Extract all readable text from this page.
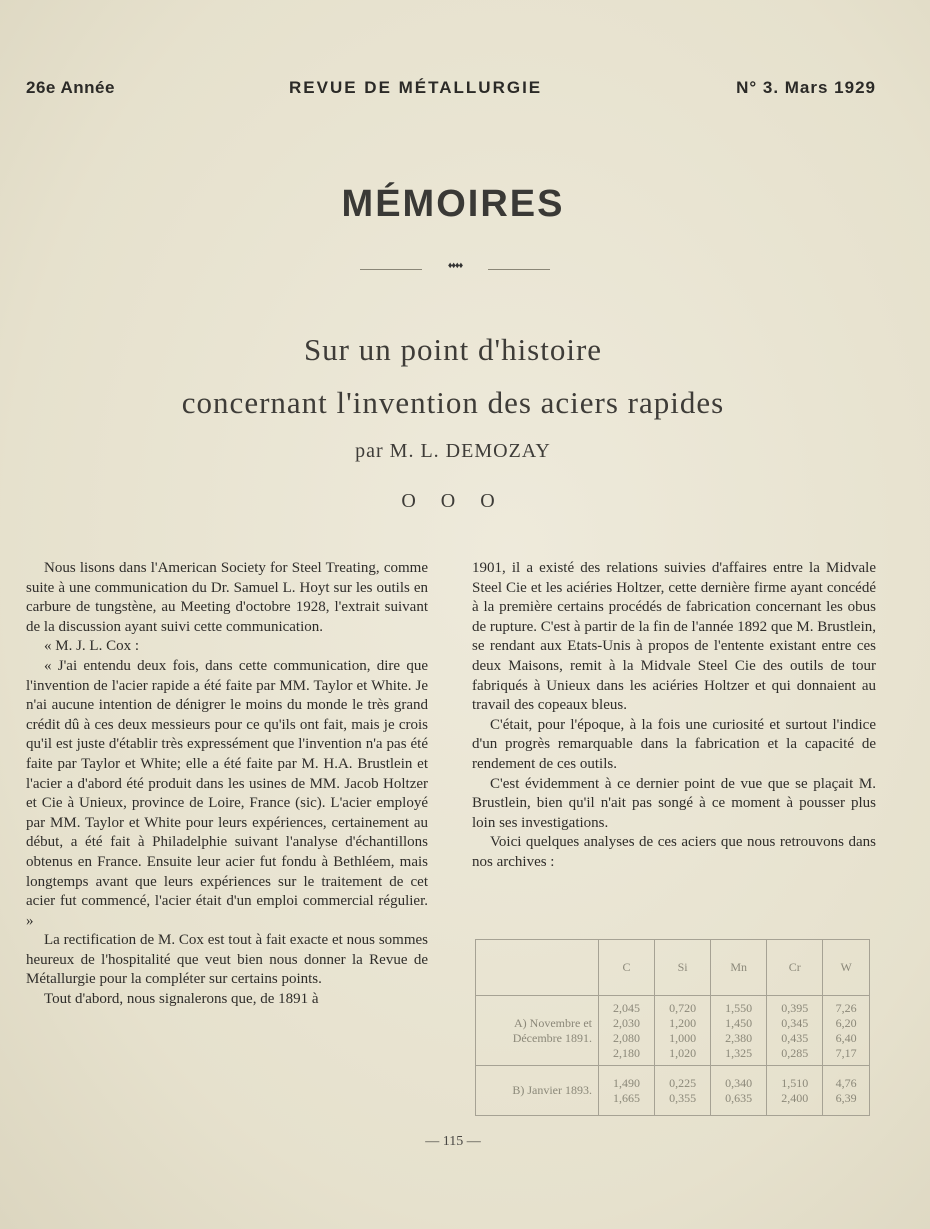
26e Année	REVUE DE MÉTALLURGIE	N° 3. Mars 1929
MÉMOIRES
♦♦♦♦
Sur un point d'histoire
concernant l'invention des aciers rapides
par M. L. DEMOZAY
O O O

Nous lisons dans l'American Society for Steel Treating, comme suite à une communication du Dr. Samuel L. Hoyt sur les outils en carbure de tungstène, au Meeting d'octobre 1928, l'extrait suivant de la discussion ayant suivi cette communication.

« M. J. L. Cox :

« J'ai entendu deux fois, dans cette communication, dire que l'invention de l'acier rapide a été faite par MM. Taylor et White. Je n'ai aucune intention de dénigrer le moins du monde le très grand crédit dû à ces deux messieurs pour ce qu'ils ont fait, mais je crois qu'il est juste d'établir très expressément que l'invention n'a pas été faite par Taylor et White; elle a été faite par M. H.A. Brustlein et l'acier a d'abord été produit dans les usines de MM. Jacob Holtzer et Cie à Unieux, province de Loire, France (sic). L'acier employé par MM. Taylor et White pour leurs expériences, certainement au début, a été fait à Philadelphie suivant l'analyse d'échantillons obtenus en France. Ensuite leur acier fut fondu à Bethléem, mais longtemps avant que leurs expériences sur le traitement de cet acier fut commencé, l'acier était d'un emploi commercial régulier. »

La rectification de M. Cox est tout à fait exacte et nous sommes heureux de l'hospitalité que veut bien nous donner la Revue de Métallurgie pour la compléter sur certains points.

Tout d'abord, nous signalerons que, de 1891 à

1901, il a existé des relations suivies d'affaires entre la Midvale Steel Cie et les aciéries Holtzer, cette dernière firme ayant concédé à la première certains procédés de fabrication concernant les obus de rupture. C'est à partir de la fin de l'année 1892 que M. Brustlein, se rendant aux Etats-Unis à propos de l'entente existant entre ces deux Maisons, remit à la Midvale Steel Cie des outils de tour fabriqués à Unieux dans les aciéries Holtzer et qui donnaient au travail des copeaux bleus.

C'était, pour l'époque, à la fois une curiosité et surtout l'indice d'un progrès remarquable dans la fabrication et la capacité de rendement de ces outils.

C'est évidemment à ce dernier point de vue que se plaçait M. Brustlein, bien qu'il n'ait pas songé à ce moment à pousser plus loin ses investigations.

Voici quelques analyses de ces aciers que nous retrouvons dans nos archives :

	C	Si	Mn	Cr	W
A) Novembre et Décembre 1891.	2,045
2,030
2,080
2,180	0,720
1,200
1,000
1,020	1,550
1,450
2,380
1,325	0,395
0,345
0,435
0,285	7,26
6,20
6,40
7,17
B) Janvier 1893.	1,490
1,665	0,225
0,355	0,340
0,635	1,510
2,400	4,76
6,39
— 115 —
